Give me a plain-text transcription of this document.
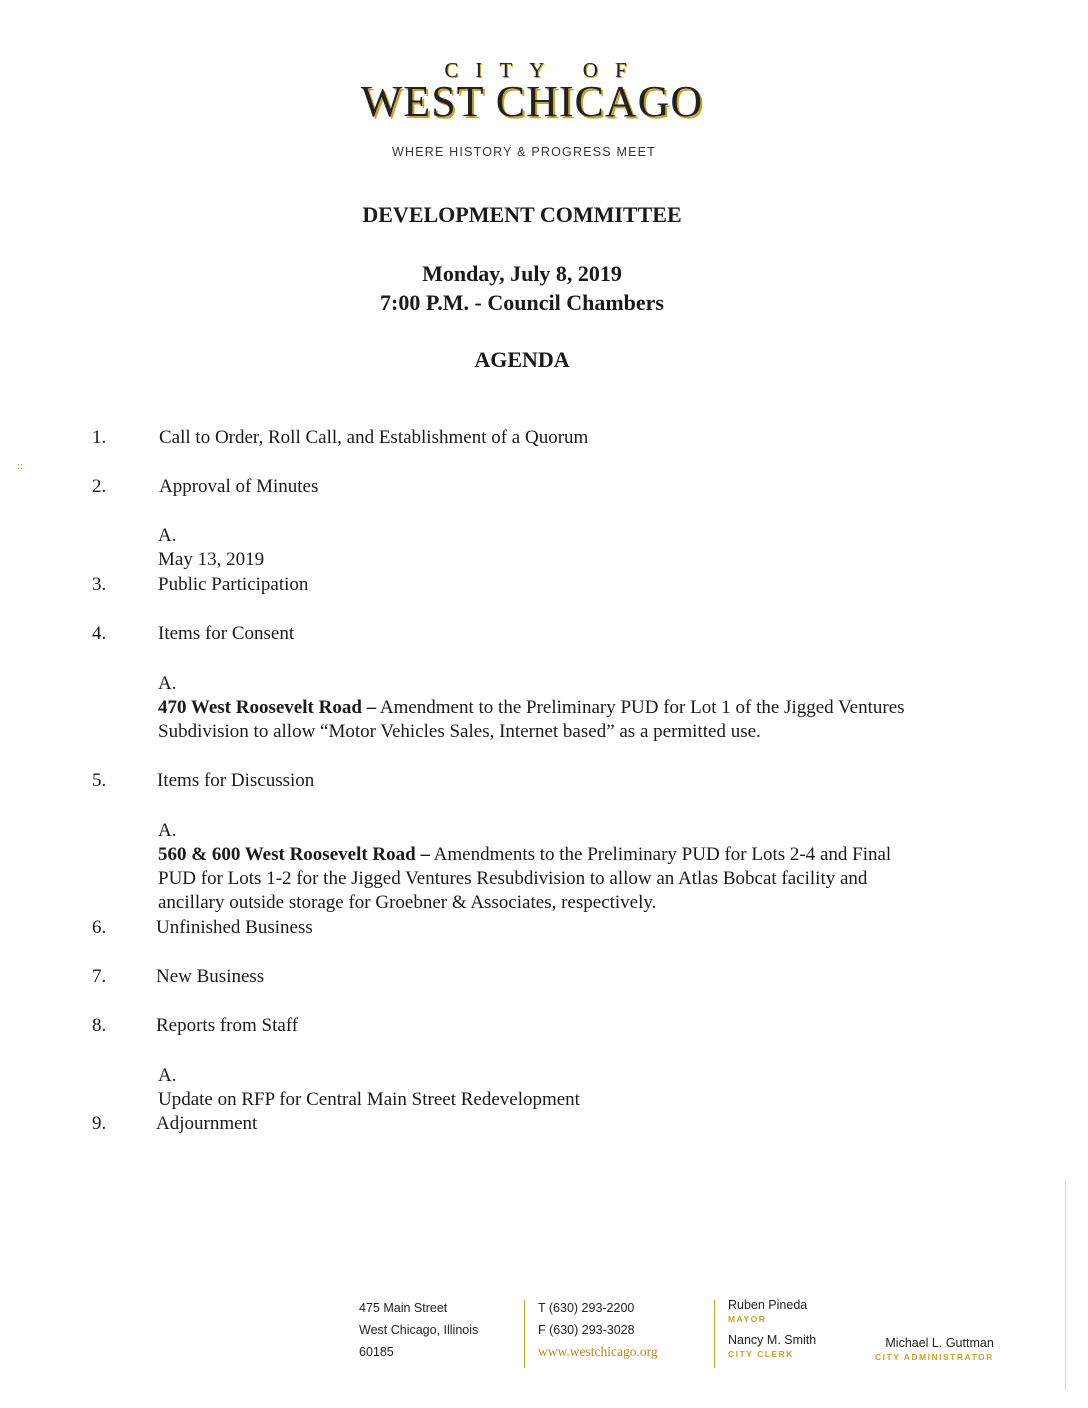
CITY OF
WEST CHICAGO
WHERE HISTORY & PROGRESS MEET
DEVELOPMENT COMMITTEE
Monday, July 8, 2019
7:00 P.M. - Council Chambers
AGENDA
::
1.	Call to Order, Roll Call, and Establishment of a Quorum
2.	Approval of Minutes
A.May 13, 2019
3.	Public Participation
4.	Items for Consent
A.470 West Roosevelt Road – Amendment to the Preliminary PUD for Lot 1 of the Jigged Ventures Subdivision to allow “Motor Vehicles Sales, Internet based” as a permitted use.
5.	Items for Discussion
A.560 & 600 West Roosevelt Road – Amendments to the Preliminary PUD for Lots 2-4 and Final PUD for Lots 1-2 for the Jigged Ventures Resubdivision to allow an Atlas Bobcat facility and ancillary outside storage for Groebner & Associates, respectively.
6.	Unfinished Business
7.	New Business
8.	Reports from Staff
A.Update on RFP for Central Main Street Redevelopment
9.	Adjournment
475 Main Street
West Chicago, Illinois
60185
T (630) 293-2200
F (630) 293-3028
www.westchicago.org
Ruben Pineda
MAYOR
Nancy M. Smith
CITY CLERK
Michael L. Guttman
CITY ADMINISTRATOR
